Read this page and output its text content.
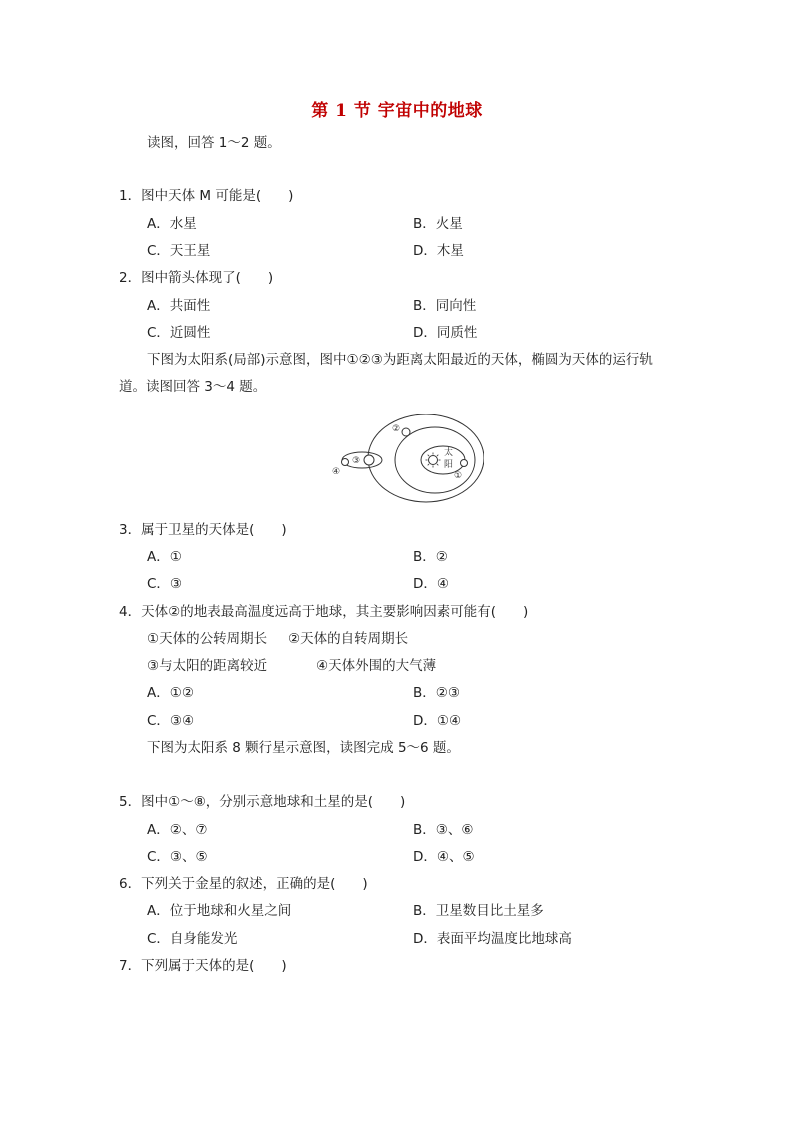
第 1 节 宇宙中的地球
读图，回答 1～2 题。
1．图中天体 M 可能是(　　)
A．水星	B．火星
C．天王星	D．木星
2．图中箭头体现了(　　)
A．共面性	B．同向性
C．近圆性	D．同质性
下图为太阳系(局部)示意图，图中①②③为距离太阳最近的天体，椭圆为天体的运行轨
道。读图回答 3～4 题。
太
阳
①
②
③
④
3．属于卫星的天体是(　　)
A．①	B．②
C．③	D．④
4．天体②的地表最高温度远高于地球，其主要影响因素可能有(　　)
①天体的公转周期长 ②天体的自转周期长
③与太阳的距离较近	④天体外围的大气薄
A．①②	B．②③
C．③④	D．①④
下图为太阳系 8 颗行星示意图，读图完成 5～6 题。
5．图中①～⑧，分别示意地球和土星的是(　　)
A．②、⑦	B．③、⑥
C．③、⑤	D．④、⑤
6．下列关于金星的叙述，正确的是(　　)
A．位于地球和火星之间	B．卫星数目比土星多
C．自身能发光	D．表面平均温度比地球高
7．下列属于天体的是(　　)
